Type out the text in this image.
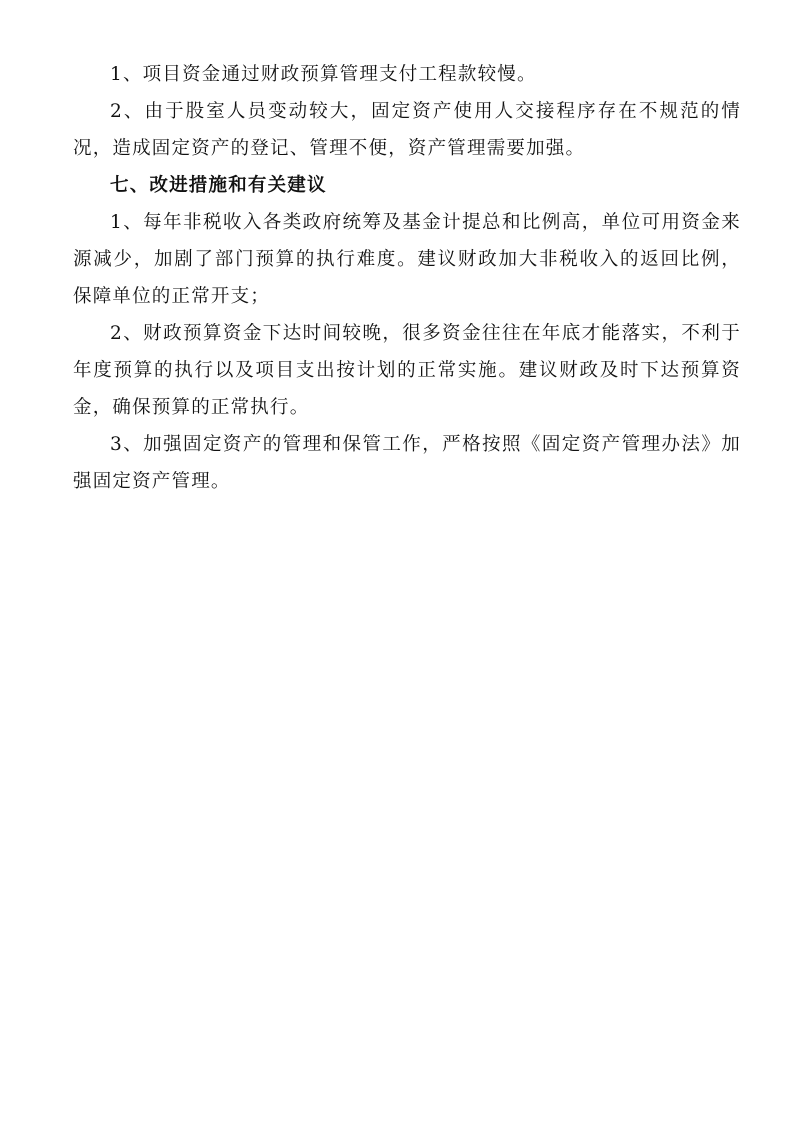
1、项目资金通过财政预算管理支付工程款较慢。

2、由于股室人员变动较大，固定资产使用人交接程序存在不规范的情况，造成固定资产的登记、管理不便，资产管理需要加强。

七、改进措施和有关建议

1、每年非税收入各类政府统筹及基金计提总和比例高，单位可用资金来源减少，加剧了部门预算的执行难度。建议财政加大非税收入的返回比例，保障单位的正常开支；

2、财政预算资金下达时间较晚，很多资金往往在年底才能落实，不利于年度预算的执行以及项目支出按计划的正常实施。建议财政及时下达预算资金，确保预算的正常执行。

3、加强固定资产的管理和保管工作，严格按照《固定资产管理办法》加强固定资产管理。
